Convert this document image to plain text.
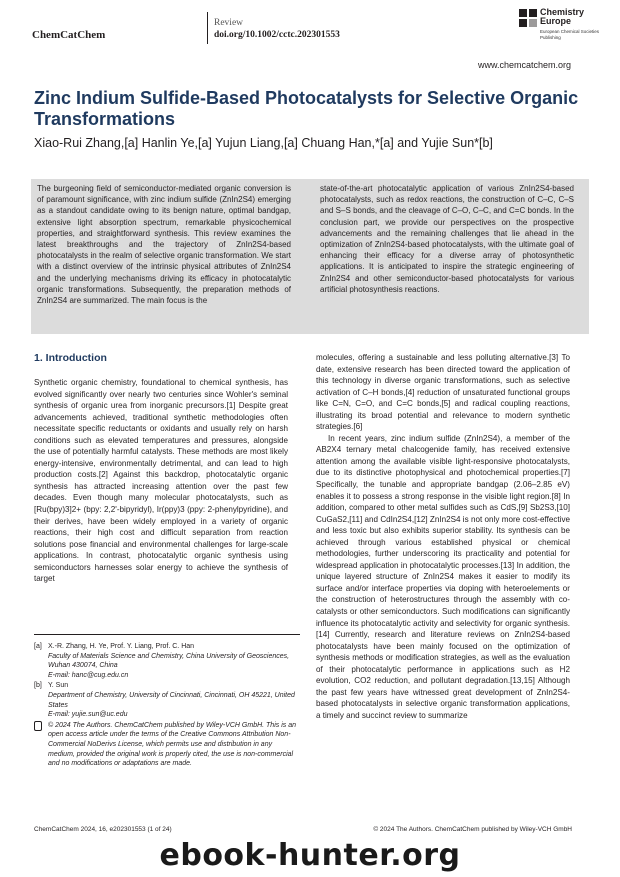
ChemCatChem
Review
doi.org/10.1002/cctc.202301553
Chemistry Europe
European Chemical Societies Publishing
www.chemcatchem.org
Zinc Indium Sulfide-Based Photocatalysts for Selective Organic Transformations
Xiao-Rui Zhang,[a] Hanlin Ye,[a] Yujun Liang,[a] Chuang Han,*[a] and Yujie Sun*[b]
The burgeoning field of semiconductor-mediated organic conversion is of paramount significance, with zinc indium sulfide (ZnIn2S4) emerging as a standout candidate owing to its benign nature, optimal bandgap, extensive light absorption spectrum, remarkable physicochemical properties, and straightforward synthesis. This review examines the latest breakthroughs and the trajectory of ZnIn2S4-based photocatalysts in the realm of selective organic transformation. We start with a distinct overview of the intrinsic physical attributes of ZnIn2S4 and the underlying mechanisms driving its efficacy in photocatalytic organic transformations. Subsequently, the preparation methods of ZnIn2S4 are summarized. The main focus is the
state-of-the-art photocatalytic application of various ZnIn2S4-based photocatalysts, such as redox reactions, the construction of C–C, C–S and S–S bonds, and the cleavage of C–O, C–C, and C=C bonds. In the conclusion part, we provide our perspectives on the prospective advancements and the remaining challenges that lie ahead in the optimization of ZnIn2S4-based photocatalysts, with the ultimate goal of enhancing their efficacy for a diverse array of photosynthetic applications. It is anticipated to inspire the strategic engineering of ZnIn2S4 and other semiconductor-based photocatalysts for various artificial photosynthesis reactions.
1. Introduction

Synthetic organic chemistry, foundational to chemical synthesis, has evolved significantly over nearly two centuries since Wohler's seminal synthesis of organic urea from inorganic precursors.[1] Despite great advancements achieved, traditional synthetic methodologies often necessitate specific reductants or oxidants and usually rely on harsh conditions such as elevated temperatures and pressures, alongside the use of potentially harmful catalysts. These methods are most likely energy-intensive, environmentally detrimental, and can lead to high production costs.[2] Against this backdrop, photocatalytic organic synthesis has attracted increasing attention over the past few decades. Even though many molecular photocatalysts, such as [Ru(bpy)3]2+ (bpy: 2,2'-bipyridyl), Ir(ppy)3 (ppy: 2-phenylpyridine), and their derives, have been widely employed in a variety of organic reactions, their high cost and difficult separation from reaction solutions pose financial and environmental challenges for large-scale applications. In contrast, photocatalytic organic synthesis using semiconductors harnesses solar energy to achieve the synthesis of target

molecules, offering a sustainable and less polluting alternative.[3] To date, extensive research has been directed toward the application of this technology in diverse organic transformations, such as selective activation of C–H bonds,[4] reduction of unsaturated functional groups like C=N, C=O, and C=C bonds,[5] and radical coupling reactions, illustrating its broad potential and relevance to modern synthetic strategies.[6]

In recent years, zinc indium sulfide (ZnIn2S4), a member of the AB2X4 ternary metal chalcogenide family, has received extensive attention among the available visible light-responsive photocatalysts, due to its distinctive photophysical and photochemical properties.[7] Specifically, the tunable and appropriate bandgap (2.06–2.85 eV) enables it to possess a strong response in the visible light region.[8] In addition, compared to other metal sulfides such as CdS,[9] Sb2S3,[10] CuGaS2,[11] and CdIn2S4,[12] ZnIn2S4 is not only more cost-effective and less toxic but also exhibits superior stability. Its synthesis can be achieved through various established physical or chemical methodologies, further underscoring its practicality and potential for widespread application in photocatalytic processes.[13] In addition, the unique layered structure of ZnIn2S4 makes it easier to modify its surface and/or interface properties via doping with heteroelements or the construction of heterostructures through the assembly with co-catalysts or other semiconductors. Such modifications can significantly influence its photocatalytic activity and selectivity for organic synthesis.[14] Currently, research and literature reviews on ZnIn2S4-based photocatalysts have been mainly focused on the optimization of synthesis methods or modification strategies, as well as the evaluation of their photocatalytic performance in applications such as H2 evolution, CO2 reduction, and pollutant degradation.[13,15] Although the past few years have witnessed great development of ZnIn2S4-based photocatalysts in selective organic transformation applications, a timely and succinct review to summarize

[a] X.-R. Zhang, H. Ye, Prof. Y. Liang, Prof. C. Han
Faculty of Materials Science and Chemistry, China University of Geosciences, Wuhan 430074, China
E-mail: hanc@cug.edu.cn
[b] Y. Sun
Department of Chemistry, University of Cincinnati, Cincinnati, OH 45221, United States
E-mail: yujie.sun@uc.edu
© 2024 The Authors. ChemCatChem published by Wiley-VCH GmbH. This is an open access article under the terms of the Creative Commons Attribution Non-Commercial NoDerivs License, which permits use and distribution in any medium, provided the original work is properly cited, the use is non-commercial and no modifications or adaptations are made.
ChemCatChem 2024, 16, e202301553 (1 of 24)	© 2024 The Authors. ChemCatChem published by Wiley-VCH GmbH
ebook-hunter.org
